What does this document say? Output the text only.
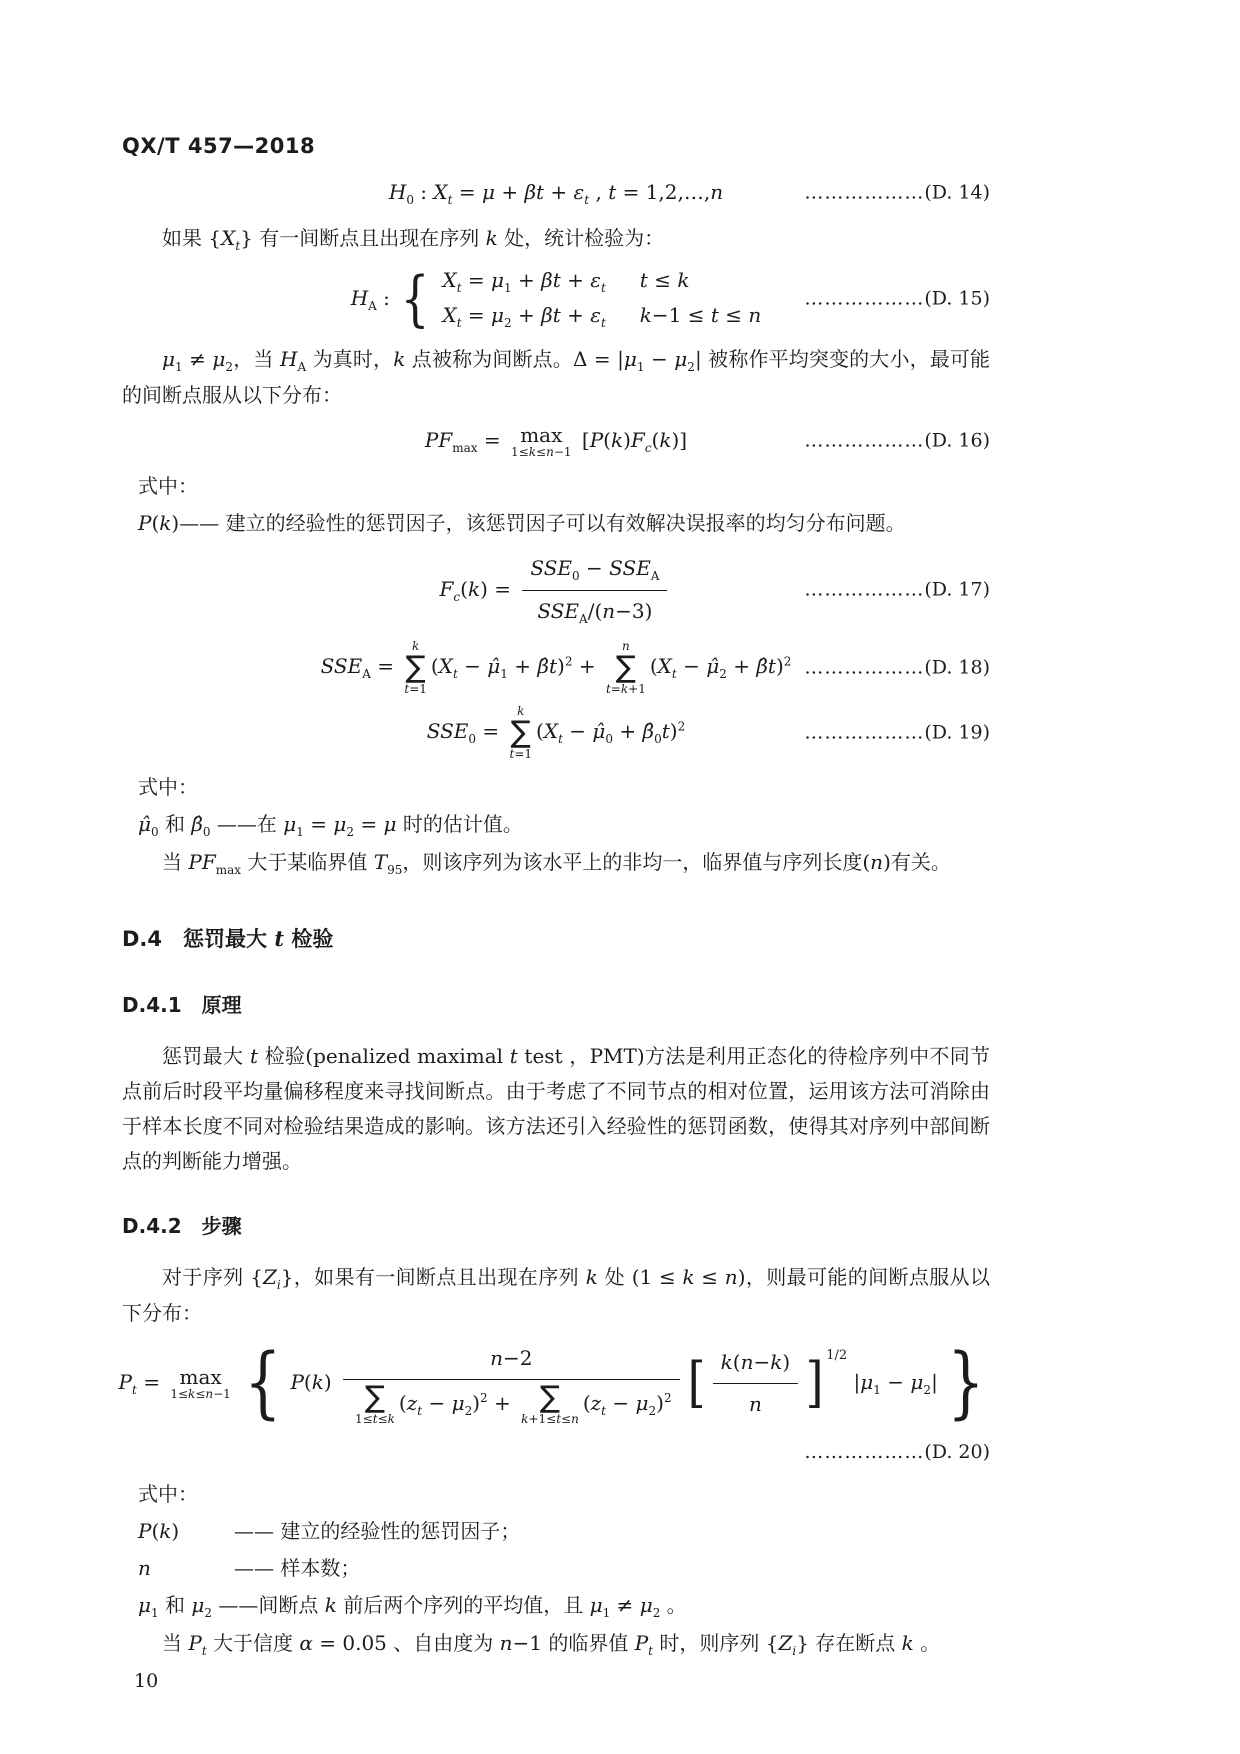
QX/T 457—2018
$H_0$ : $X_t = \mu + \beta t + \varepsilon_t$ , t = 1,2,…,n	………………(D. 14)
如果 $\{X_t\}$ 有一间断点且出现在序列 k 处，统计检验为：
$H_A$ : { $X_t = \mu_1 + \beta t + \varepsilon_t$ t ≤ k
$X_t = \mu_2 + \beta t + \varepsilon_t$ k−1 ≤ t ≤ n
………………(D. 15)
$\mu_1 \ne \mu_2$，当 $H_A$ 为真时，k 点被称为间断点。$\Delta = |\mu_1 - \mu_2|$ 被称作平均突变的大小，最可能的间断点服从以下分布：
$PF_{max} = \max$
1≤k≤n−1
$[P(k)F_c(k)]$	………………(D. 16)
式中：
P(k)—— 建立的经验性的惩罚因子，该惩罚因子可以有效解决误报率的均匀分布问题。
$F_c(k) = \frac{SSE_0 - SSE_A}{SSE_A/(n-3)}$	………………(D. 17)
$SSE_A$ =
k
∑
t=1
($X_t$ − $\mû_1$ + β̂t)$^2$ +
n
∑
t=k+1
($X_t$ − $\mû_2$ + β̂t)$^2$ ………………(D. 18)
$SSE_0$ =
k
∑
t=1
($X_t$ − $\mû_0$ + $\betâ_0t)^2$	………………(D. 19)
式中：
$\mû_0$ 和 $\betâ_0$ ——在 $\mu_1 = \mu_2 = \mu$ 时的估计值。
当 $PF_{max}$ 大于某临界值 $T_{95}$，则该序列为该水平上的非均一，临界值与序列长度(n)有关。
D.4　惩罚最大 t 检验
D.4.1　原理
惩罚最大 t 检验(penalized maximal t test ，PMT)方法是利用正态化的待检序列中不同节点前后时段平均量偏移程度来寻找间断点。由于考虑了不同节点的相对位置，运用该方法可消除由于样本长度不同对检验结果造成的影响。该方法还引入经验性的惩罚函数，使得其对序列中部间断点的判断能力增强。
D.4.2　步骤
对于序列 $\{Z_i\}$，如果有一间断点且出现在序列 k 处 (1 ≤ k ≤ n)，则最可能的间断点服从以下分布：
$P_t = \max$
1≤k≤n−1 { P(k) n−2
∑
1≤t≤k
$(z_t - \mu_2)^2$ + ∑
k+1≤t≤n
$(z_t - \mu_2)^2$ [ $\frac{k(n-k)}{n}$ ] $^{1/2}$ $|\mu_1 - \mu_2|$ }
………………(D. 20)
式中：
P(k)	—— 建立的经验性的惩罚因子；
n	—— 样本数；
$\mu_1$ 和 $\mu_2$ ——间断点 k 前后两个序列的平均值，且 $\mu_1 \ne \mu_2$ 。
当 $P_t$ 大于信度 α = 0.05 、自由度为 n−1 的临界值 $P_t$ 时，则序列 $\{Z_i\}$ 存在断点 k 。
10
